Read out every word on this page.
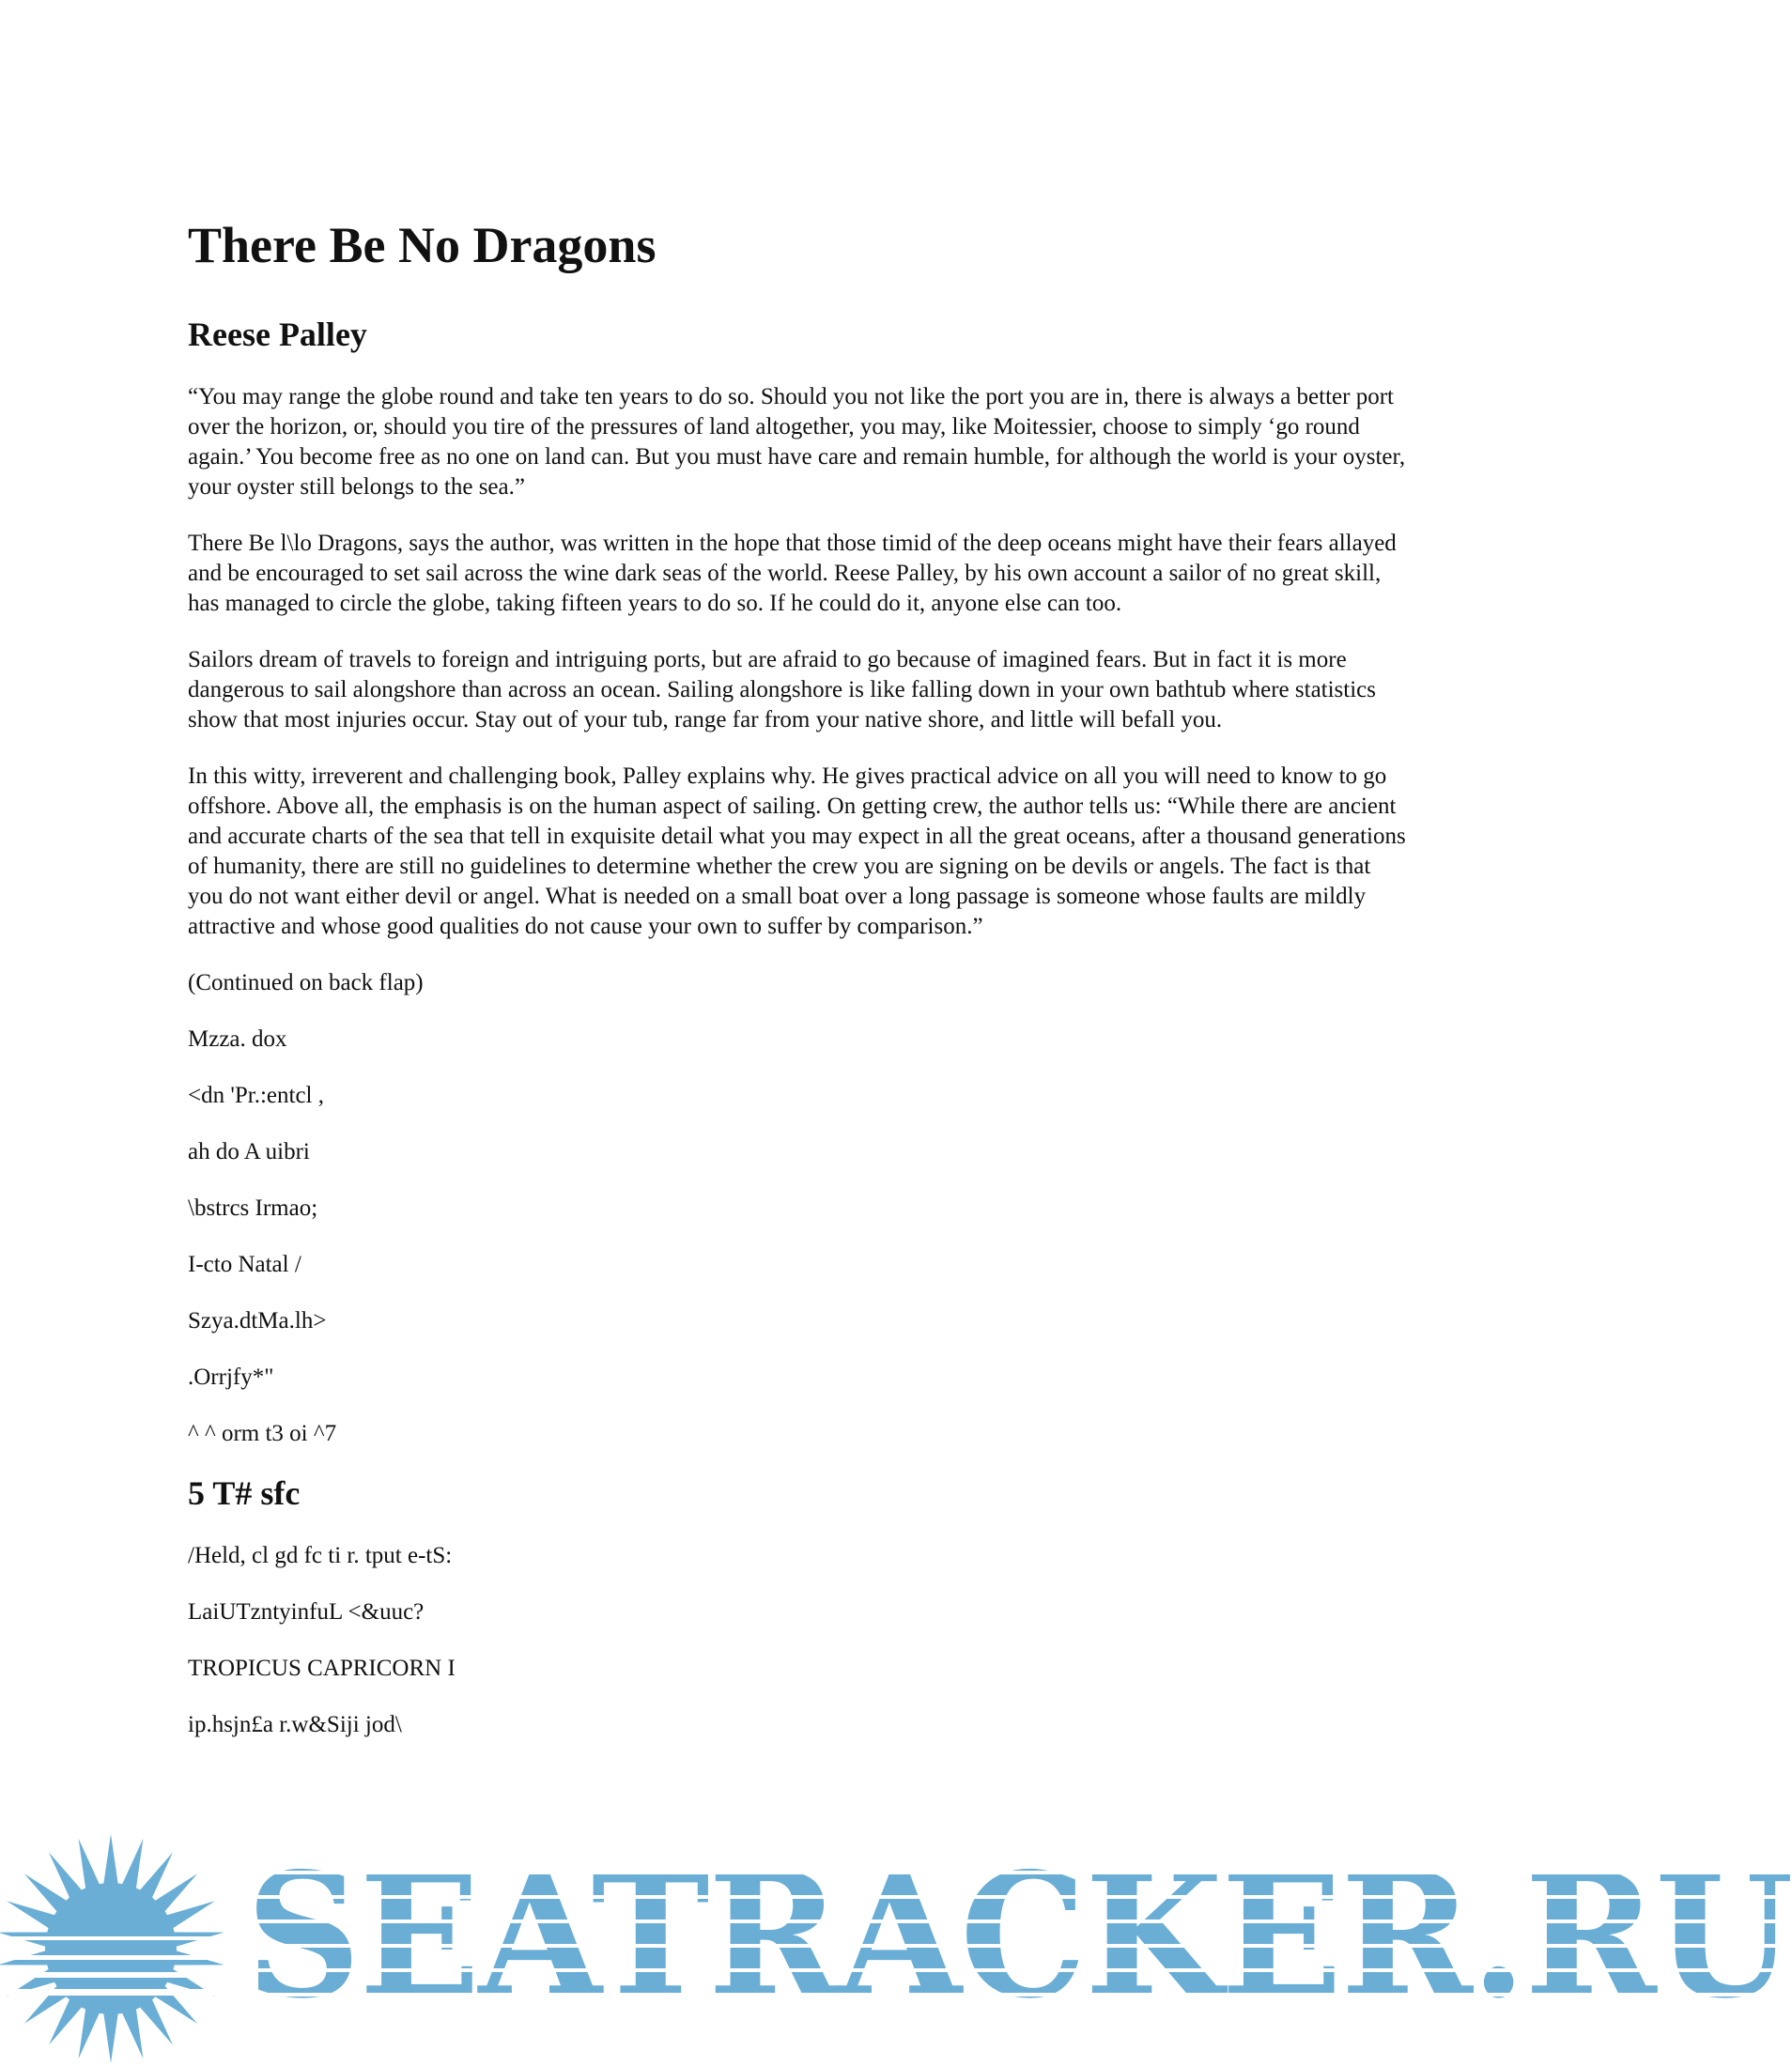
There Be No Dragons
Reese Palley

“You may range the globe round and take ten years to do so. Should you not like the port you are in, there is always a better port over the horizon, or, should you tire of the pressures of land altogether, you may, like Moitessier, choose to simply ‘go round again.’ You become free as no one on land can. But you must have care and remain humble, for although the world is your oyster, your oyster still belongs to the sea.”

There Be l\lo Dragons, says the author, was written in the hope that those timid of the deep oceans might have their fears allayed and be encouraged to set sail across the wine dark seas of the world. Reese Palley, by his own account a sailor of no great skill, has managed to circle the globe, taking fifteen years to do so. If he could do it, anyone else can too.

Sailors dream of travels to foreign and intriguing ports, but are afraid to go because of imagined fears. But in fact it is more dangerous to sail alongshore than across an ocean. Sailing alongshore is like falling down in your own bathtub where statistics show that most injuries occur. Stay out of your tub, range far from your native shore, and little will befall you.

In this witty, irreverent and challenging book, Palley explains why. He gives practical advice on all you will need to know to go offshore. Above all, the emphasis is on the human aspect of sailing. On getting crew, the author tells us: “While there are ancient and accurate charts of the sea that tell in exquisite detail what you may expect in all the great oceans, after a thousand generations of humanity, there are still no guidelines to determine whether the crew you are signing on be devils or angels. The fact is that you do not want either devil or angel. What is needed on a small boat over a long passage is someone whose faults are mildly attractive and whose good qualities do not cause your own to suffer by comparison.”

(Continued on back flap)

Mzza. dox

<dn 'Pr.:entcl ,

ah do A uibri

\bstrcs Irmao;

I-cto Natal /

Szya.dtMa.lh>

.Orrjfy*"

^ ^ orm t3 oi ^7

5 T# sfc

/Held, cl gd fc ti r. tput e-tS:

LaiUTzntyinfuL <&uuc?

TROPICUS CAPRICORN I

ip.hsjn£a r.w&Siji jod\

SEATRACKER.RU
